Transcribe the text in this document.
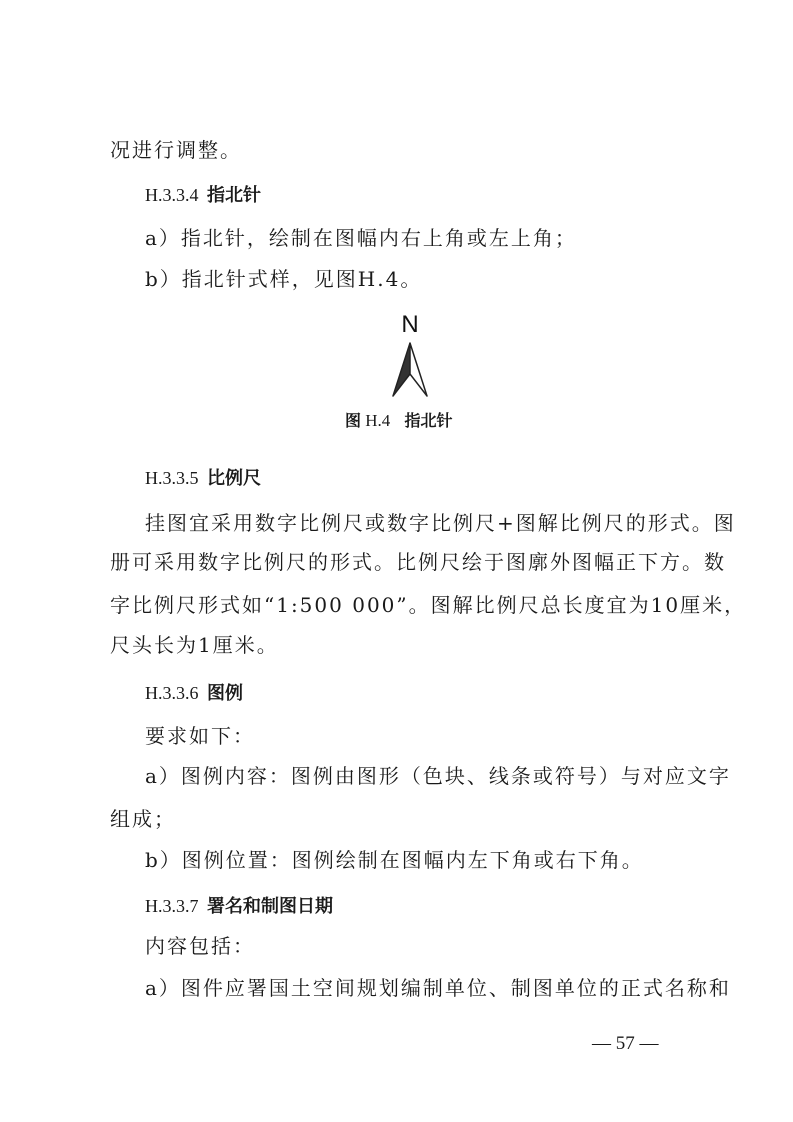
况进行调整。
H.3.3.4 指北针
a）指北针，绘制在图幅内右上角或左上角；
b）指北针式样，见图H.4。
N
图 H.4 指北针
H.3.3.5 比例尺
挂图宜采用数字比例尺或数字比例尺+图解比例尺的形式。图
册可采用数字比例尺的形式。比例尺绘于图廓外图幅正下方。数
字比例尺形式如“1:500 000”。图解比例尺总长度宜为10厘米，
尺头长为1厘米。
H.3.3.6 图例
要求如下：
a）图例内容：图例由图形（色块、线条或符号）与对应文字
组成；
b）图例位置：图例绘制在图幅内左下角或右下角。
H.3.3.7 署名和制图日期
内容包括：
a）图件应署国土空间规划编制单位、制图单位的正式名称和
— 57 —
